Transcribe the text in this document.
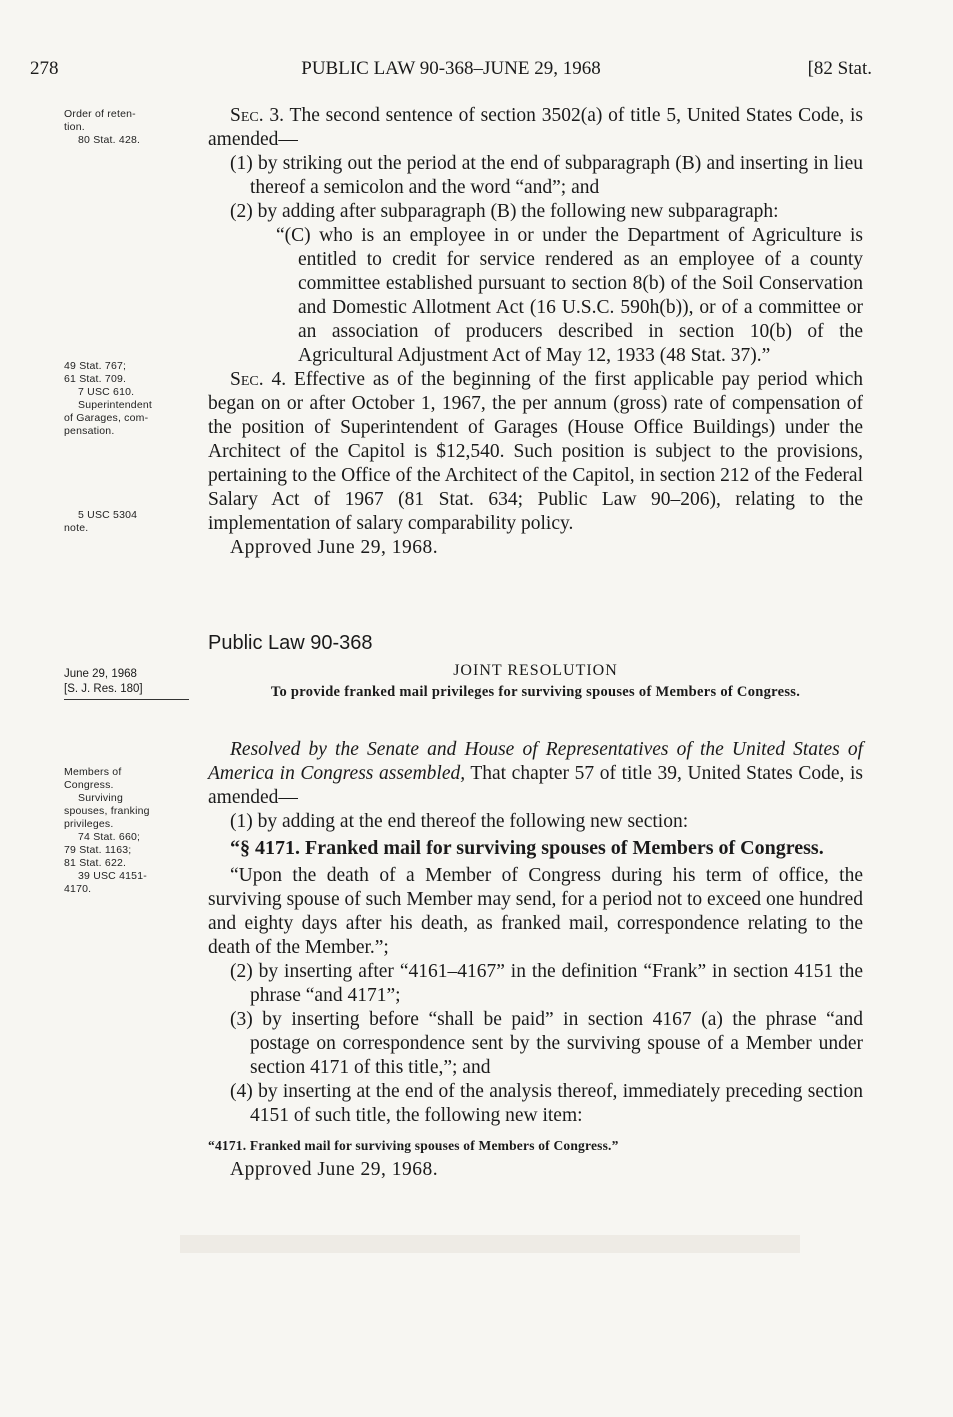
278	PUBLIC LAW 90-368–JUNE 29, 1968	[82 Stat.
Order of reten-
tion.
80 Stat. 428.
49 Stat. 767;
61 Stat. 709.
7 USC 610.
Superintendent
of Garages, com-
pensation.
5 USC 5304
note.
June 29, 1968
[S. J. Res. 180]
Members of
Congress.
Surviving
spouses, franking
privileges.
74 Stat. 660;
79 Stat. 1163;
81 Stat. 622.
39 USC 4151-
4170.

Sec. 3. The second sentence of section 3502(a) of title 5, United States Code, is amended—

(1) by striking out the period at the end of subparagraph (B) and inserting in lieu thereof a semicolon and the word “and”; and

(2) by adding after subparagraph (B) the following new subparagraph:

“(C) who is an employee in or under the Department of Agriculture is entitled to credit for service rendered as an employee of a county committee established pursuant to section 8(b) of the Soil Conservation and Domestic Allotment Act (16 U.S.C. 590h(b)), or of a committee or an association of producers described in section 10(b) of the Agricultural Adjustment Act of May 12, 1933 (48 Stat. 37).”

Sec. 4. Effective as of the beginning of the first applicable pay period which began on or after October 1, 1967, the per annum (gross) rate of compensation of the position of Superintendent of Garages (House Office Buildings) under the Architect of the Capitol is $12,540. Such position is subject to the provisions, pertaining to the Office of the Architect of the Capitol, in section 212 of the Federal Salary Act of 1967 (81 Stat. 634; Public Law 90–206), relating to the implementation of salary comparability policy.

Approved June 29, 1968.

Public Law 90-368
JOINT RESOLUTION
To provide franked mail privileges for surviving spouses of Members of Congress.

Resolved by the Senate and House of Representatives of the United States of America in Congress assembled, That chapter 57 of title 39, United States Code, is amended—

(1) by adding at the end thereof the following new section:

“§ 4171. Franked mail for surviving spouses of Members of Congress.

“Upon the death of a Member of Congress during his term of office, the surviving spouse of such Member may send, for a period not to exceed one hundred and eighty days after his death, as franked mail, correspondence relating to the death of the Member.”;

(2) by inserting after “4161–4167” in the definition “Frank” in section 4151 the phrase “and 4171”;

(3) by inserting before “shall be paid” in section 4167 (a) the phrase “and postage on correspondence sent by the surviving spouse of a Member under section 4171 of this title,”; and

(4) by inserting at the end of the analysis thereof, immediately preceding section 4151 of such title, the following new item:

“4171. Franked mail for surviving spouses of Members of Congress.”

Approved June 29, 1968.
